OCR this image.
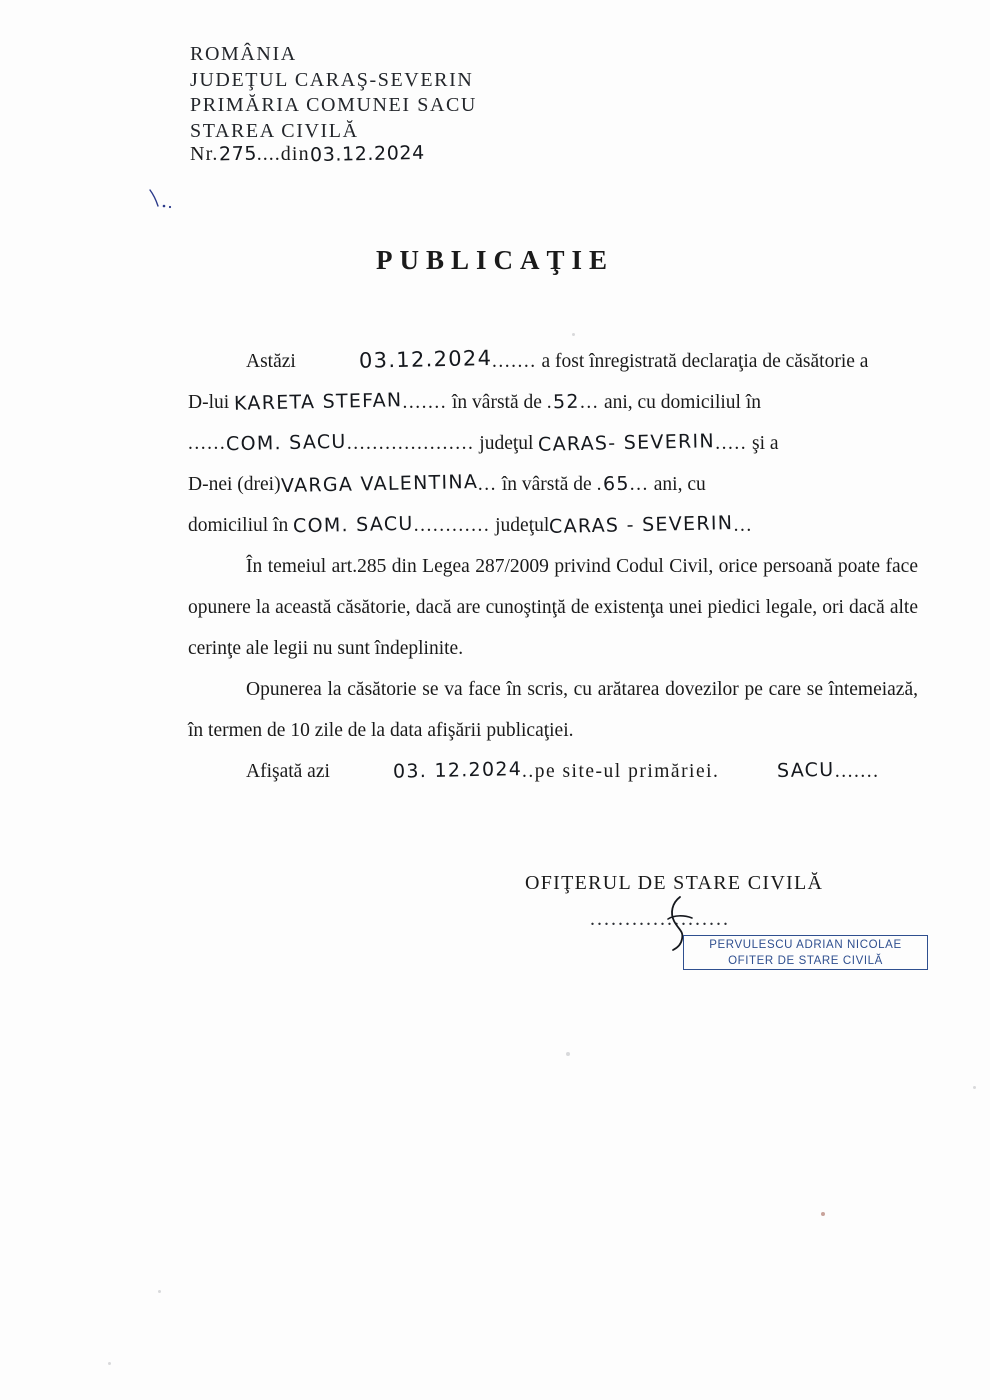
ROMÂNIA
JUDEŢUL CARAŞ-SEVERIN
PRIMĂRIA COMUNEI SACU
STAREA CIVILĂ
Nr.275....din03.12.2024
PUBLICAŢIE

Astăzi	03.12.2024....... a fost înregistrată declaraţia de căsătorie a

D-lui KARETA STEFAN....... în vârstă de .52... ani, cu domiciliul în

......COM. SACU.................... judeţul CARAS- SEVERIN..... şi a

D-nei (drei)VARGA VALENTINA... în vârstă de .65... ani, cu

domiciliul în COM. SACU............ judeţulCARAS - SEVERIN...

În temeiul art.285 din Legea 287/2009 privind Codul Civil, orice persoană poate face opunere la această căsătorie, dacă are cunoştinţă de existenţa unei piedici legale, ori dacă alte cerinţe ale legii nu sunt îndeplinite.

Opunerea la căsătorie se va face în scris, cu arătarea dovezilor pe care se întemeiază, în termen de 10 zile de la data afişării publicaţiei.

Afişată azi	03. 12.2024..pe site-ul primăriei.	SACU.......

OFIŢERUL DE STARE CIVILĂ
....................
PERVULESCU ADRIAN NICOLAE
OFITER DE STARE CIVILĂ
